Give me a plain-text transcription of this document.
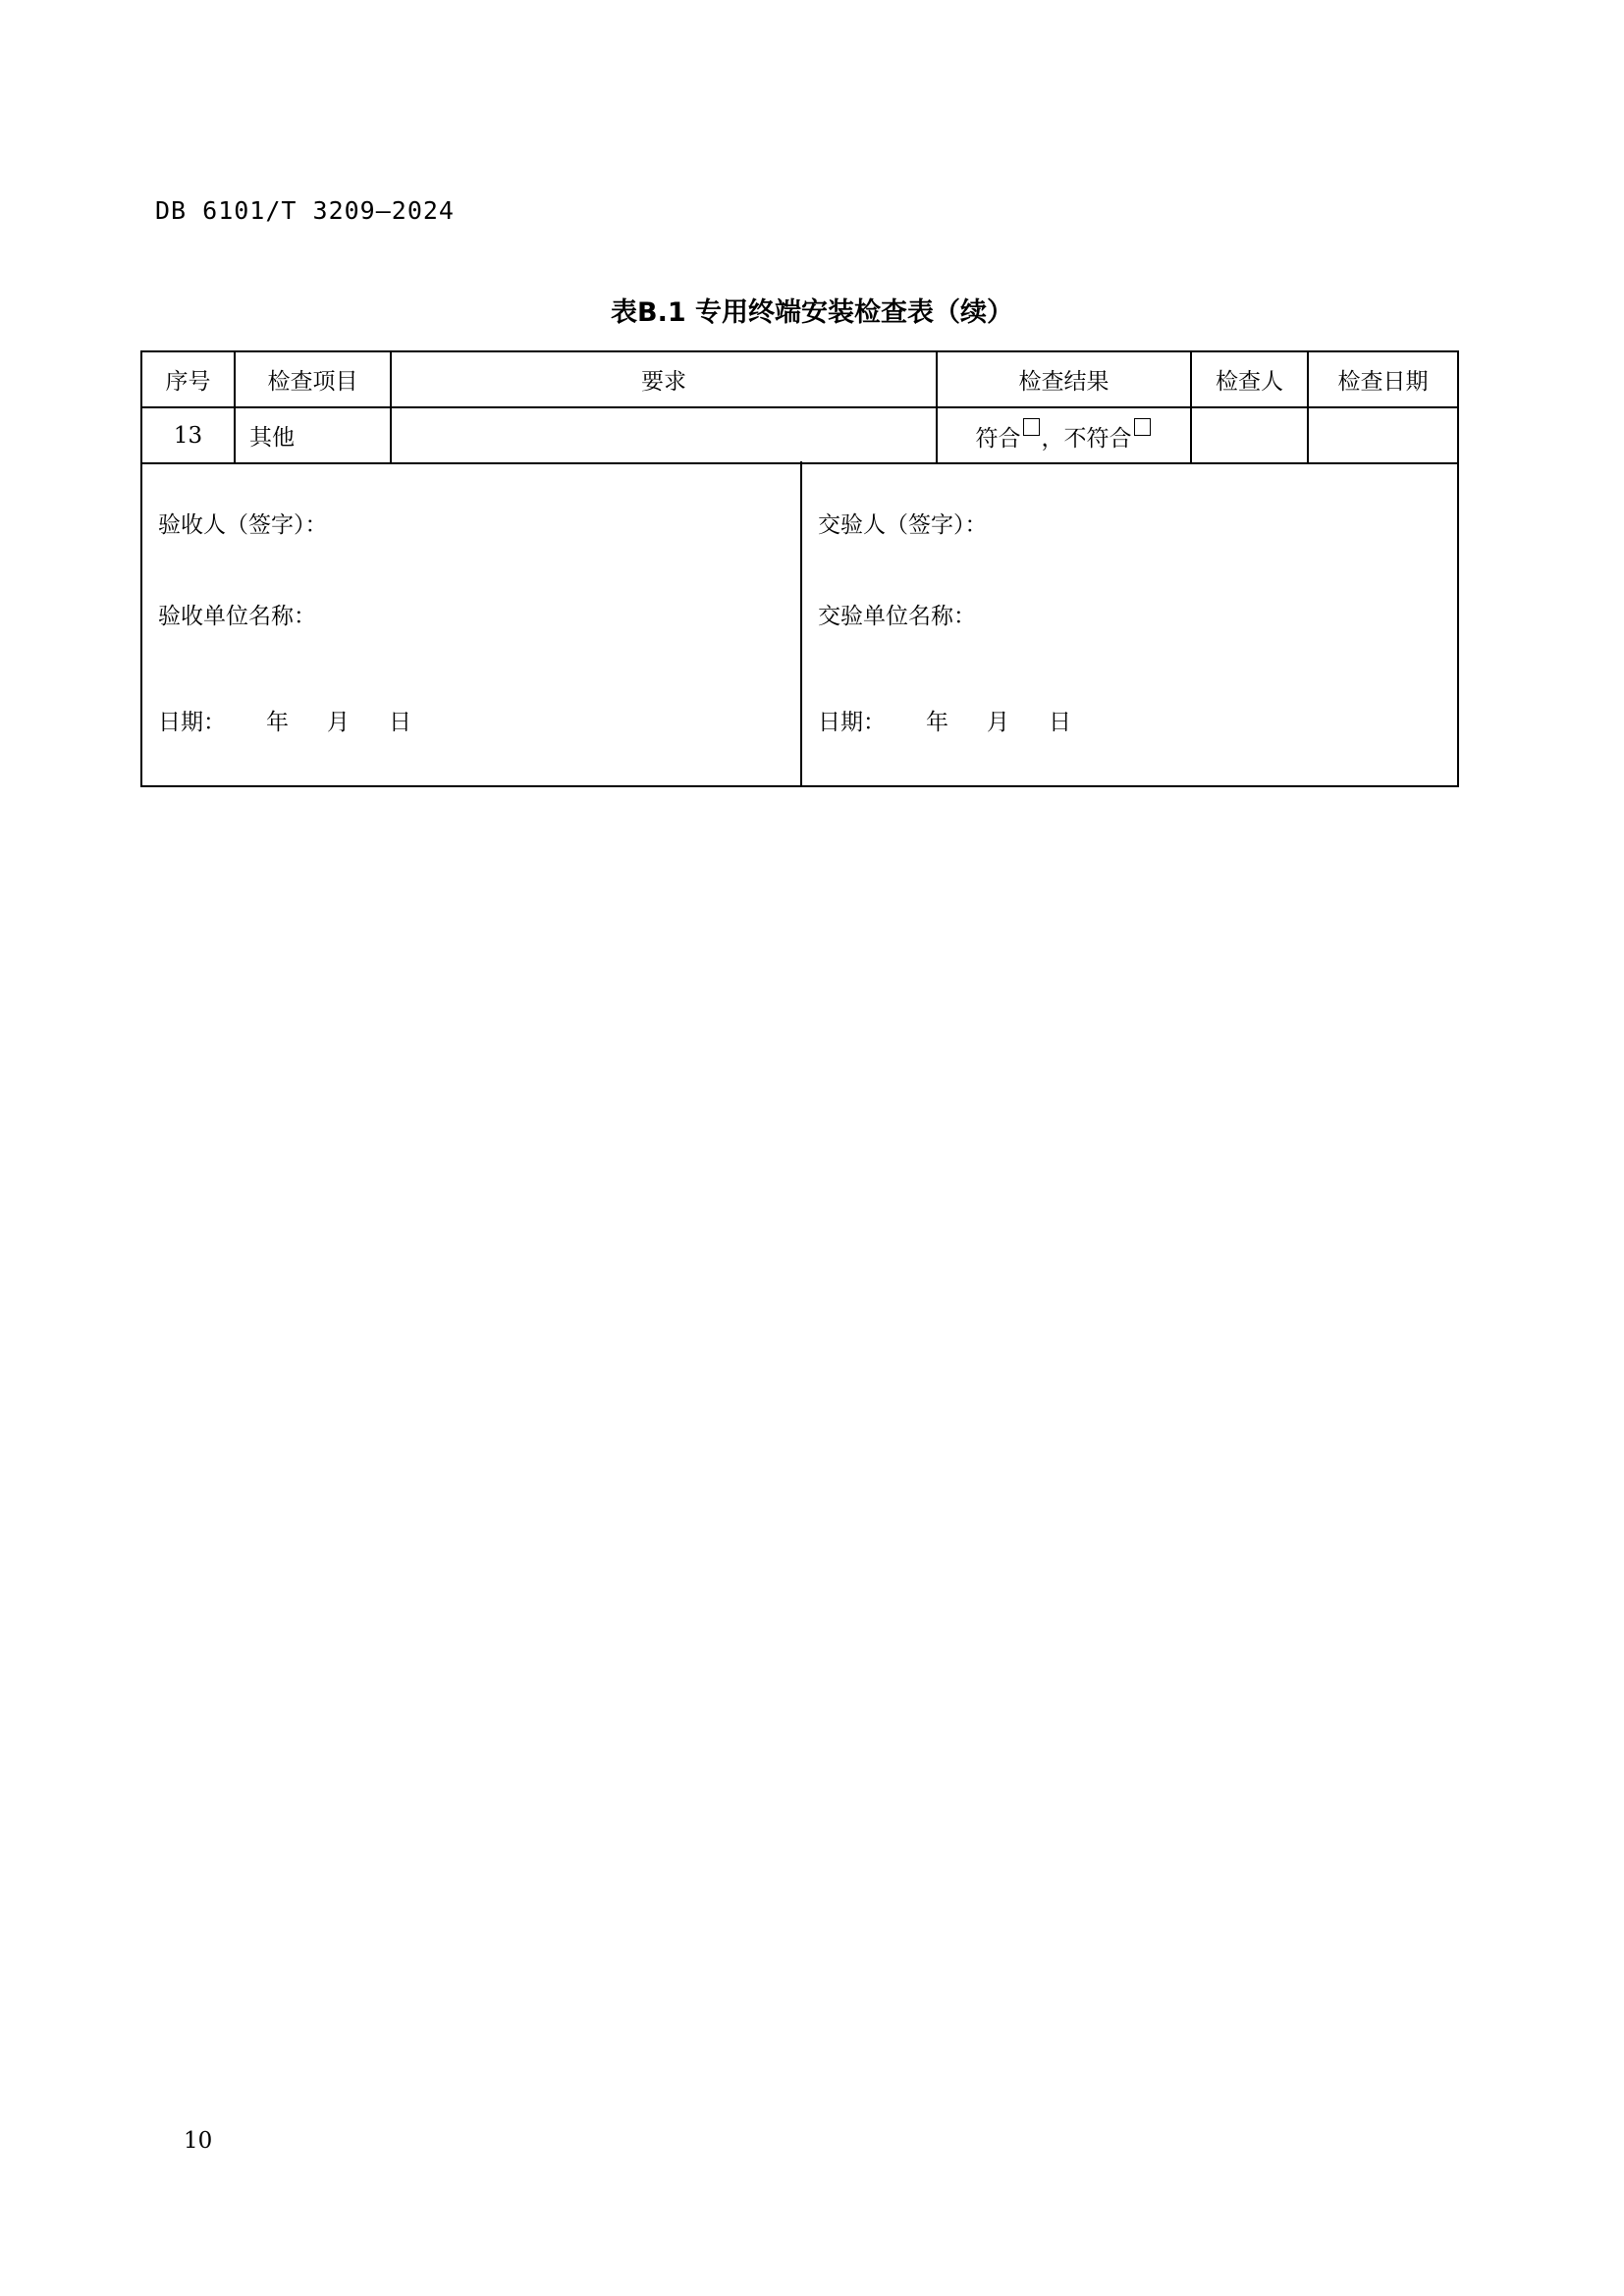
DB 6101/T 3209—2024
表B.1 专用终端安装检查表（续）
序号	检查项目	要求	检查结果	检查人	检查日期
13	其他		符合 ，不符合		
验收人（签字）：
验收单位名称：
日期： 年 月 日

交验人（签字）：
交验单位名称：
日期： 年 月 日
10
